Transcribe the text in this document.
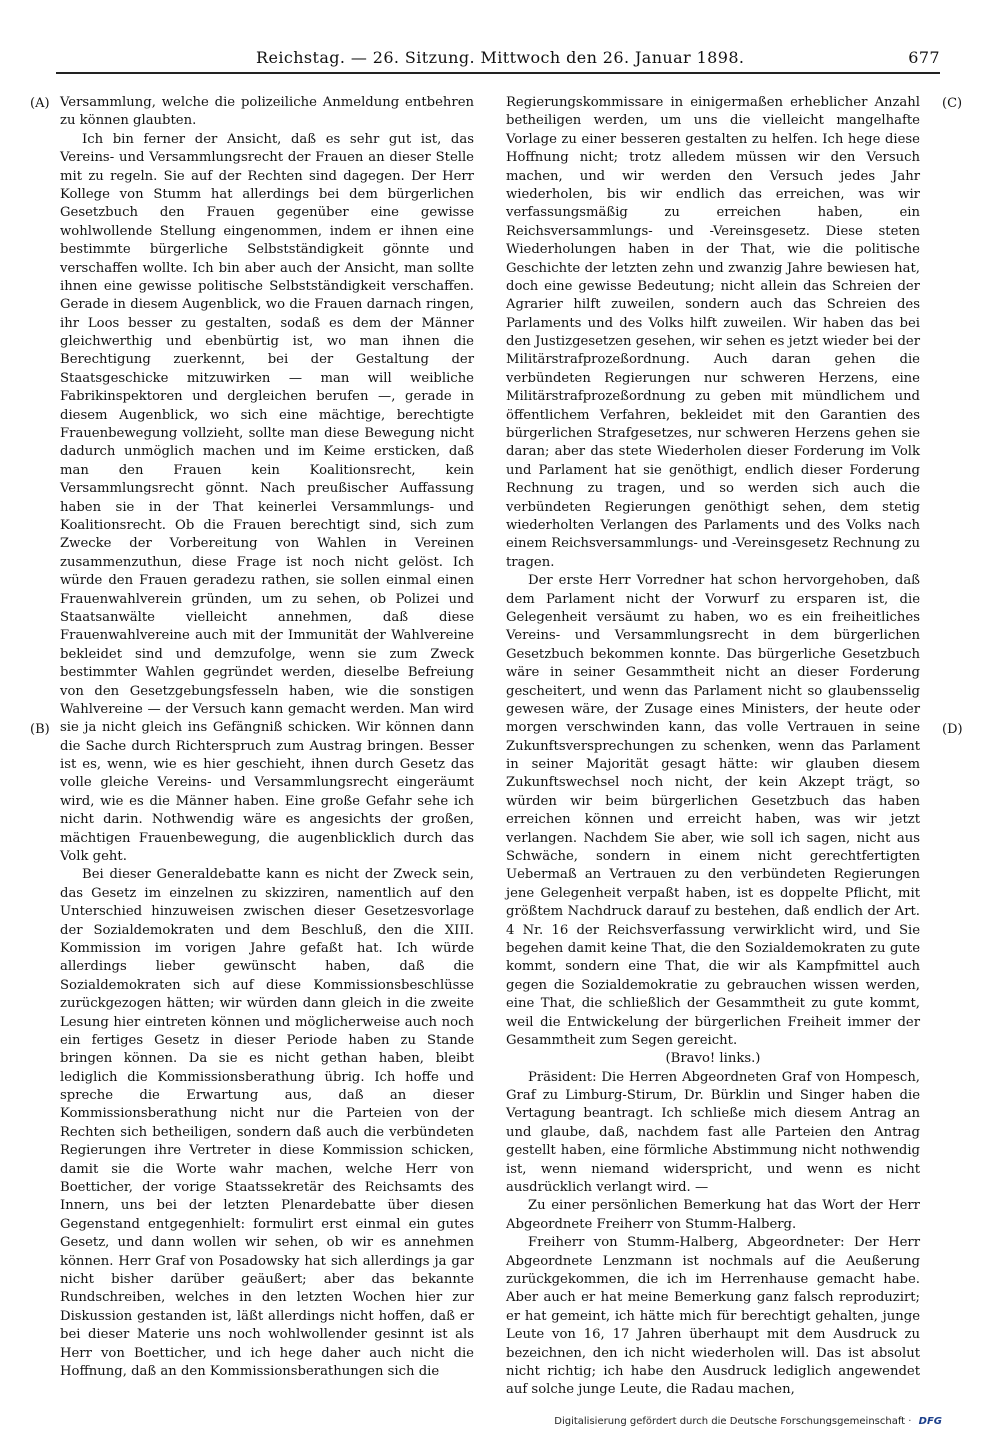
Reichstag. — 26. Sitzung. Mittwoch den 26. Januar 1898.	677
(A)
(B)
(C)
(D)

Versammlung, welche die polizeiliche Anmeldung entbehren zu können glaubten.

Ich bin ferner der Ansicht, daß es sehr gut ist, das Vereins- und Versammlungsrecht der Frauen an dieser Stelle mit zu regeln. Sie auf der Rechten sind dagegen. Der Herr Kollege von Stumm hat allerdings bei dem bürgerlichen Gesetzbuch den Frauen gegenüber eine gewisse wohlwollende Stellung eingenommen, indem er ihnen eine bestimmte bürgerliche Selbstständigkeit gönnte und verschaffen wollte. Ich bin aber auch der Ansicht, man sollte ihnen eine gewisse politische Selbstständigkeit verschaffen. Gerade in diesem Augenblick, wo die Frauen darnach ringen, ihr Loos besser zu gestalten, sodaß es dem der Männer gleichwerthig und ebenbürtig ist, wo man ihnen die Berechtigung zuerkennt, bei der Gestaltung der Staatsgeschicke mitzuwirken — man will weibliche Fabrikinspektoren und dergleichen berufen —, gerade in diesem Augenblick, wo sich eine mächtige, berechtigte Frauenbewegung vollzieht, sollte man diese Bewegung nicht dadurch unmöglich machen und im Keime ersticken, daß man den Frauen kein Koalitionsrecht, kein Versammlungsrecht gönnt. Nach preußischer Auffassung haben sie in der That keinerlei Versammlungs- und Koalitionsrecht. Ob die Frauen berechtigt sind, sich zum Zwecke der Vorbereitung von Wahlen in Vereinen zusammenzuthun, diese Frage ist noch nicht gelöst. Ich würde den Frauen geradezu rathen, sie sollen einmal einen Frauenwahlverein gründen, um zu sehen, ob Polizei und Staatsanwälte vielleicht annehmen, daß diese Frauenwahlvereine auch mit der Immunität der Wahlvereine bekleidet sind und demzufolge, wenn sie zum Zweck bestimmter Wahlen gegründet werden, dieselbe Befreiung von den Gesetzgebungsfesseln haben, wie die sonstigen Wahlvereine — der Versuch kann gemacht werden. Man wird sie ja nicht gleich ins Gefängniß schicken. Wir können dann die Sache durch Richterspruch zum Austrag bringen. Besser ist es, wenn, wie es hier geschieht, ihnen durch Gesetz das volle gleiche Vereins- und Versammlungsrecht eingeräumt wird, wie es die Männer haben. Eine große Gefahr sehe ich nicht darin. Nothwendig wäre es angesichts der großen, mächtigen Frauenbewegung, die augenblicklich durch das Volk geht.

Bei dieser Generaldebatte kann es nicht der Zweck sein, das Gesetz im einzelnen zu skizziren, namentlich auf den Unterschied hinzuweisen zwischen dieser Gesetzesvorlage der Sozialdemokraten und dem Beschluß, den die XIII. Kommission im vorigen Jahre gefaßt hat. Ich würde allerdings lieber gewünscht haben, daß die Sozialdemokraten sich auf diese Kommissionsbeschlüsse zurückgezogen hätten; wir würden dann gleich in die zweite Lesung hier eintreten können und möglicherweise auch noch ein fertiges Gesetz in dieser Periode haben zu Stande bringen können. Da sie es nicht gethan haben, bleibt lediglich die Kommissionsberathung übrig. Ich hoffe und spreche die Erwartung aus, daß an dieser Kommissionsberathung nicht nur die Parteien von der Rechten sich betheiligen, sondern daß auch die verbündeten Regierungen ihre Vertreter in diese Kommission schicken, damit sie die Worte wahr machen, welche Herr von Boetticher, der vorige Staatssekretär des Reichsamts des Innern, uns bei der letzten Plenardebatte über diesen Gegenstand entgegenhielt: formulirt erst einmal ein gutes Gesetz, und dann wollen wir sehen, ob wir es annehmen können. Herr Graf von Posadowsky hat sich allerdings ja gar nicht bisher darüber geäußert; aber das bekannte Rundschreiben, welches in den letzten Wochen hier zur Diskussion gestanden ist, läßt allerdings nicht hoffen, daß er bei dieser Materie uns noch wohlwollender gesinnt ist als Herr von Boetticher, und ich hege daher auch nicht die Hoffnung, daß an den Kommissionsberathungen sich die

Regierungskommissare in einigermaßen erheblicher Anzahl betheiligen werden, um uns die vielleicht mangelhafte Vorlage zu einer besseren gestalten zu helfen. Ich hege diese Hoffnung nicht; trotz alledem müssen wir den Versuch machen, und wir werden den Versuch jedes Jahr wiederholen, bis wir endlich das erreichen, was wir verfassungsmäßig zu erreichen haben, ein Reichsversammlungs- und -Vereinsgesetz. Diese steten Wiederholungen haben in der That, wie die politische Geschichte der letzten zehn und zwanzig Jahre bewiesen hat, doch eine gewisse Bedeutung; nicht allein das Schreien der Agrarier hilft zuweilen, sondern auch das Schreien des Parlaments und des Volks hilft zuweilen. Wir haben das bei den Justizgesetzen gesehen, wir sehen es jetzt wieder bei der Militärstrafprozeßordnung. Auch daran gehen die verbündeten Regierungen nur schweren Herzens, eine Militärstrafprozeßordnung zu geben mit mündlichem und öffentlichem Verfahren, bekleidet mit den Garantien des bürgerlichen Strafgesetzes, nur schweren Herzens gehen sie daran; aber das stete Wiederholen dieser Forderung im Volk und Parlament hat sie genöthigt, endlich dieser Forderung Rechnung zu tragen, und so werden sich auch die verbündeten Regierungen genöthigt sehen, dem stetig wiederholten Verlangen des Parlaments und des Volks nach einem Reichsversammlungs- und -Vereinsgesetz Rechnung zu tragen.

Der erste Herr Vorredner hat schon hervorgehoben, daß dem Parlament nicht der Vorwurf zu ersparen ist, die Gelegenheit versäumt zu haben, wo es ein freiheitliches Vereins- und Versammlungsrecht in dem bürgerlichen Gesetzbuch bekommen konnte. Das bürgerliche Gesetzbuch wäre in seiner Gesammtheit nicht an dieser Forderung gescheitert, und wenn das Parlament nicht so glaubensselig gewesen wäre, der Zusage eines Ministers, der heute oder morgen verschwinden kann, das volle Vertrauen in seine Zukunftsversprechungen zu schenken, wenn das Parlament in seiner Majorität gesagt hätte: wir glauben diesem Zukunftswechsel noch nicht, der kein Akzept trägt, so würden wir beim bürgerlichen Gesetzbuch das haben erreichen können und erreicht haben, was wir jetzt verlangen. Nachdem Sie aber, wie soll ich sagen, nicht aus Schwäche, sondern in einem nicht gerechtfertigten Uebermaß an Vertrauen zu den verbündeten Regierungen jene Gelegenheit verpaßt haben, ist es doppelte Pflicht, mit größtem Nachdruck darauf zu bestehen, daß endlich der Art. 4 Nr. 16 der Reichsverfassung verwirklicht wird, und Sie begehen damit keine That, die den Sozialdemokraten zu gute kommt, sondern eine That, die wir als Kampfmittel auch gegen die Sozialdemokratie zu gebrauchen wissen werden, eine That, die schließlich der Gesammtheit zu gute kommt, weil die Entwickelung der bürgerlichen Freiheit immer der Gesammtheit zum Segen gereicht.

(Bravo! links.)

Präsident: Die Herren Abgeordneten Graf von Hompesch, Graf zu Limburg-Stirum, Dr. Bürklin und Singer haben die Vertagung beantragt. Ich schließe mich diesem Antrag an und glaube, daß, nachdem fast alle Parteien den Antrag gestellt haben, eine förmliche Abstimmung nicht nothwendig ist, wenn niemand widerspricht, und wenn es nicht ausdrücklich verlangt wird. —

Zu einer persönlichen Bemerkung hat das Wort der Herr Abgeordnete Freiherr von Stumm-Halberg.

Freiherr von Stumm-Halberg, Abgeordneter: Der Herr Abgeordnete Lenzmann ist nochmals auf die Aeußerung zurückgekommen, die ich im Herrenhause gemacht habe. Aber auch er hat meine Bemerkung ganz falsch reproduzirt; er hat gemeint, ich hätte mich für berechtigt gehalten, junge Leute von 16, 17 Jahren überhaupt mit dem Ausdruck zu bezeichnen, den ich nicht wiederholen will. Das ist absolut nicht richtig; ich habe den Ausdruck lediglich angewendet auf solche junge Leute, die Radau machen,

Digitalisierung gefördert durch die Deutsche Forschungsgemeinschaft · DFG
